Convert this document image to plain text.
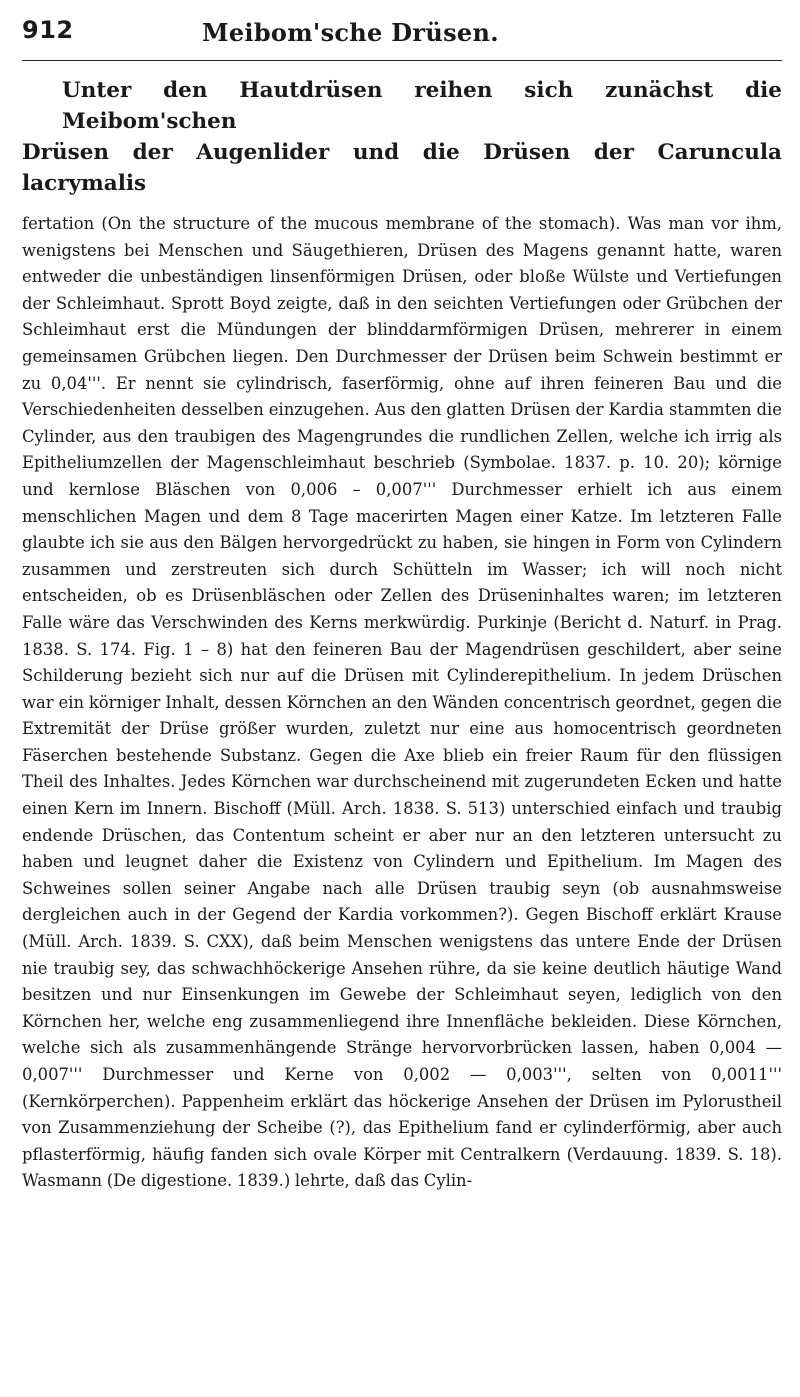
912	Meibom'sche Drüsen.
Unter den Hautdrüsen reihen sich zunächst die Meibom'schen
Drüsen der Augenlider und die Drüsen der Caruncula lacrymalis

fertation (On the structure of the mucous membrane of the stomach). Was man vor ihm, wenigstens bei Menschen und Säugethieren, Drüsen des Magens genannt hatte, waren entweder die unbeständigen linsenförmigen Drüsen, oder bloße Wülste und Vertiefungen der Schleimhaut. Sprott Boyd zeigte, daß in den seichten Vertiefungen oder Grübchen der Schleimhaut erst die Mündungen der blinddarmförmigen Drüsen, mehrerer in einem gemeinsamen Grübchen liegen. Den Durchmesser der Drüsen beim Schwein bestimmt er zu 0,04'''. Er nennt sie cylindrisch, faserförmig, ohne auf ihren feineren Bau und die Verschiedenheiten desselben einzugehen. Aus den glatten Drüsen der Kardia stammten die Cylinder, aus den traubigen des Magengrundes die rundlichen Zellen, welche ich irrig als Epitheliumzellen der Magenschleimhaut beschrieb (Symbolae. 1837. p. 10. 20); körnige und kernlose Bläschen von 0,006 – 0,007''' Durchmesser erhielt ich aus einem menschlichen Magen und dem 8 Tage macerirten Magen einer Katze. Im letzteren Falle glaubte ich sie aus den Bälgen hervorgedrückt zu haben, sie hingen in Form von Cylindern zusammen und zerstreuten sich durch Schütteln im Wasser; ich will noch nicht entscheiden, ob es Drüsenbläschen oder Zellen des Drüseninhaltes waren; im letzteren Falle wäre das Verschwinden des Kerns merkwürdig. Purkinje (Bericht d. Naturf. in Prag. 1838. S. 174. Fig. 1 – 8) hat den feineren Bau der Magendrüsen geschildert, aber seine Schilderung bezieht sich nur auf die Drüsen mit Cylinderepithelium. In jedem Drüschen war ein körniger Inhalt, dessen Körnchen an den Wänden concentrisch geordnet, gegen die Extremität der Drüse größer wurden, zuletzt nur eine aus homocentrisch geordneten Fäserchen bestehende Substanz. Gegen die Axe blieb ein freier Raum für den flüssigen Theil des Inhaltes. Jedes Körnchen war durchscheinend mit zugerundeten Ecken und hatte einen Kern im Innern. Bischoff (Müll. Arch. 1838. S. 513) unterschied einfach und traubig endende Drüschen, das Contentum scheint er aber nur an den letzteren untersucht zu haben und leugnet daher die Existenz von Cylindern und Epithelium. Im Magen des Schweines sollen seiner Angabe nach alle Drüsen traubig seyn (ob ausnahmsweise dergleichen auch in der Gegend der Kardia vorkommen?). Gegen Bischoff erklärt Krause (Müll. Arch. 1839. S. CXX), daß beim Menschen wenigstens das untere Ende der Drüsen nie traubig sey, das schwachhöckerige Ansehen rühre, da sie keine deutlich häutige Wand besitzen und nur Einsenkungen im Gewebe der Schleimhaut seyen, lediglich von den Körnchen her, welche eng zusammenliegend ihre Innenfläche bekleiden. Diese Körnchen, welche sich als zusammenhängende Stränge hervorvorbrücken lassen, haben 0,004 — 0,007''' Durchmesser und Kerne von 0,002 — 0,003''', selten von 0,0011''' (Kernkörperchen). Pappenheim erklärt das höckerige Ansehen der Drüsen im Pylorustheil von Zusammenziehung der Scheibe (?), das Epithelium fand er cylinderförmig, aber auch pflasterförmig, häufig fanden sich ovale Körper mit Centralkern (Verdauung. 1839. S. 18). Wasmann (De digestione. 1839.) lehrte, daß das Cylin-
